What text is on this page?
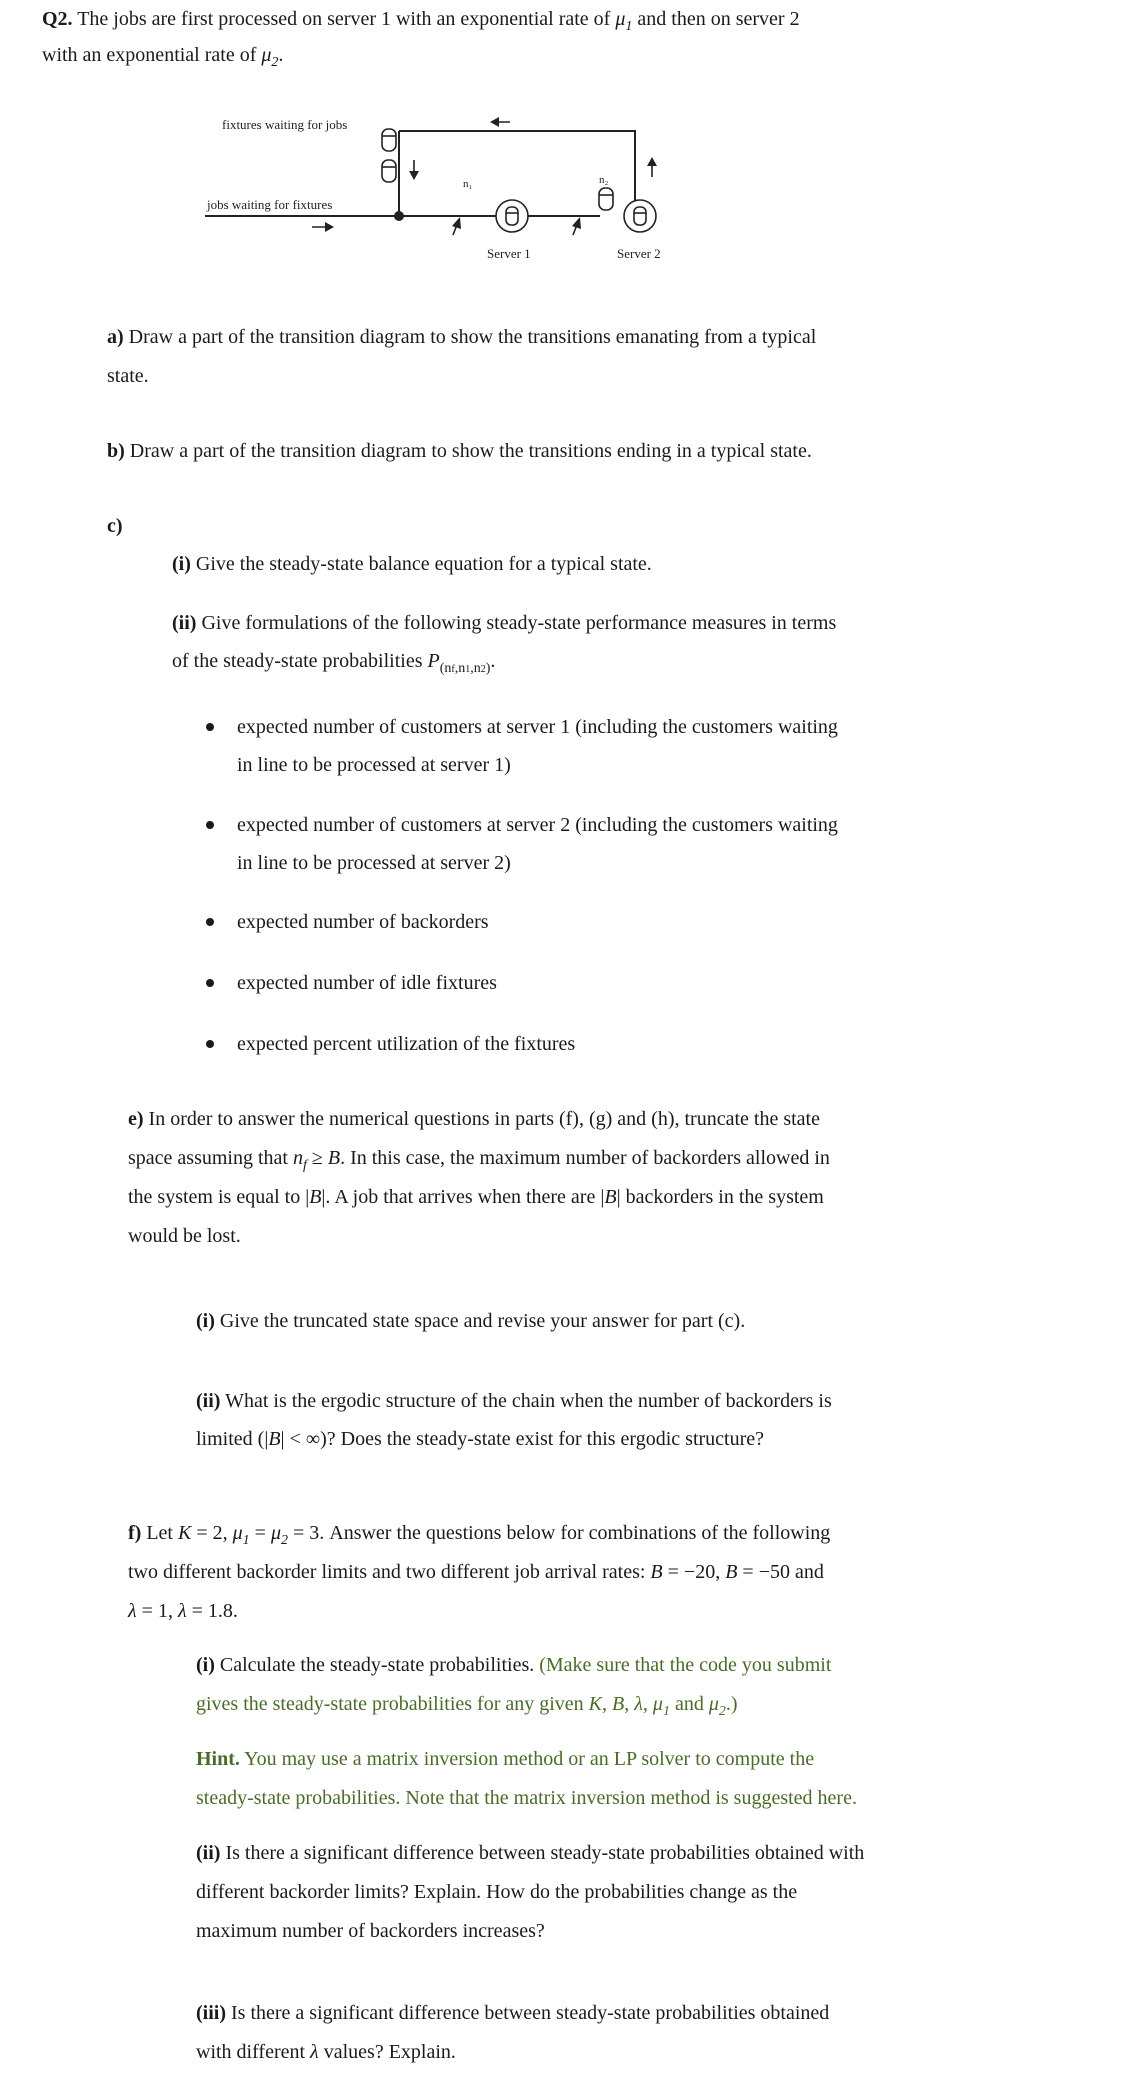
Q2. The jobs are first processed on server 1 with an exponential rate of $\mu_1$ and then on server 2

with an exponential rate of $\mu_2$.

fixtures waiting for jobs
jobs waiting for fixtures
n₁	n₂
Server 1	Server 2

a) Draw a part of the transition diagram to show the transitions emanating from a typical

state.

b) Draw a part of the transition diagram to show the transitions ending in a typical state.

c)

(i) Give the steady-state balance equation for a typical state.

(ii) Give formulations of the following steady-state performance measures in terms

of the steady-state probabilities $P_{(nf,n1,n2)}$.

expected number of customers at server 1 (including the customers waiting

in line to be processed at server 1)

expected number of customers at server 2 (including the customers waiting

in line to be processed at server 2)

expected number of backorders

expected number of idle fixtures

expected percent utilization of the fixtures

e) In order to answer the numerical questions in parts (f), (g) and (h), truncate the state

space assuming that $n_f \ge B$. In this case, the maximum number of backorders allowed in

the system is equal to |B|. A job that arrives when there are |B| backorders in the system

would be lost.

(i) Give the truncated state space and revise your answer for part (c).

(ii) What is the ergodic structure of the chain when the number of backorders is

limited (|B| < ∞)? Does the steady-state exist for this ergodic structure?

f) Let K = 2, $\mu_1 = \mu_2 = 3$. Answer the questions below for combinations of the following

two different backorder limits and two different job arrival rates: B = −20, B = −50 and

λ = 1, λ = 1.8.

(i) Calculate the steady-state probabilities. (Make sure that the code you submit

gives the steady-state probabilities for any given K, B, λ, $\mu_1$ and $\mu_2$.)

Hint. You may use a matrix inversion method or an LP solver to compute the

steady-state probabilities. Note that the matrix inversion method is suggested here.

(ii) Is there a significant difference between steady-state probabilities obtained with

different backorder limits? Explain. How do the probabilities change as the

maximum number of backorders increases?

(iii) Is there a significant difference between steady-state probabilities obtained

with different λ values? Explain.
